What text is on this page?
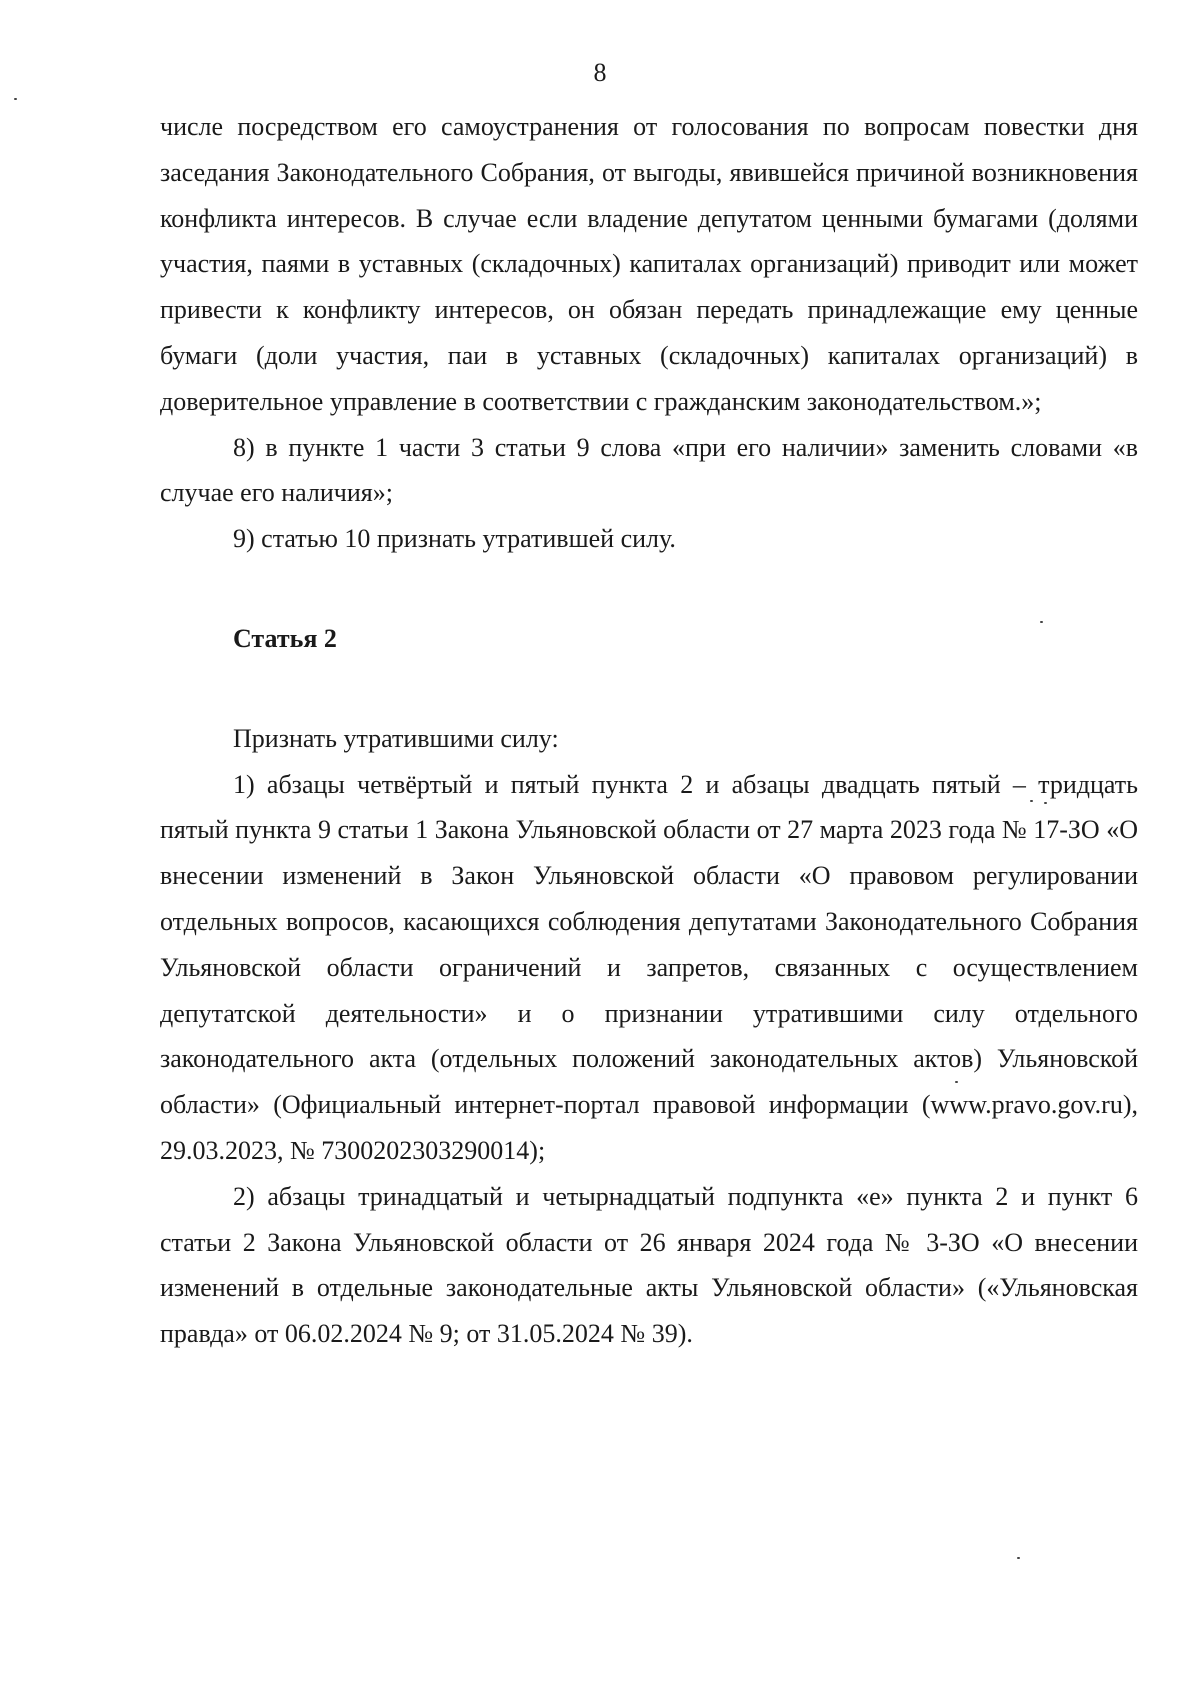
8

числе посредством его самоустранения от голосования по вопросам повестки дня заседания Законодательного Собрания, от выгоды, явившейся причиной возникновения конфликта интересов. В случае если владение депутатом ценными бумагами (долями участия, паями в уставных (складочных) капиталах организаций) приводит или может привести к конфликту интересов, он обязан передать принадлежащие ему ценные бумаги (доли участия, паи в уставных (складочных) капиталах организаций) в доверительное управление в соответствии с гражданским законодательством.»;

8) в пункте 1 части 3 статьи 9 слова «при его наличии» заменить словами «в случае его наличия»;

9) статью 10 признать утратившей силу.

Статья 2

Признать утратившими силу:

1) абзацы четвёртый и пятый пункта 2 и абзацы двадцать пятый – тридцать пятый пункта 9 статьи 1 Закона Ульяновской области от 27 марта 2023 года № 17-ЗО «О внесении изменений в Закон Ульяновской области «О правовом регулировании отдельных вопросов, касающихся соблюдения депутатами Законодательного Собрания Ульяновской области ограничений и запретов, связанных с осуществлением депутатской деятельности» и о признании утратившими силу отдельного законодательного акта (отдельных положений законодательных актов) Ульяновской области» (Официальный интернет-портал правовой информации (www.pravo.gov.ru), 29.03.2023, № 7300202303290014);

2) абзацы тринадцатый и четырнадцатый подпункта «е» пункта 2 и пункт 6 статьи 2 Закона Ульяновской области от 26 января 2024 года № 3-ЗО «О внесении изменений в отдельные законодательные акты Ульяновской области» («Ульяновская правда» от 06.02.2024 № 9; от 31.05.2024 № 39).
